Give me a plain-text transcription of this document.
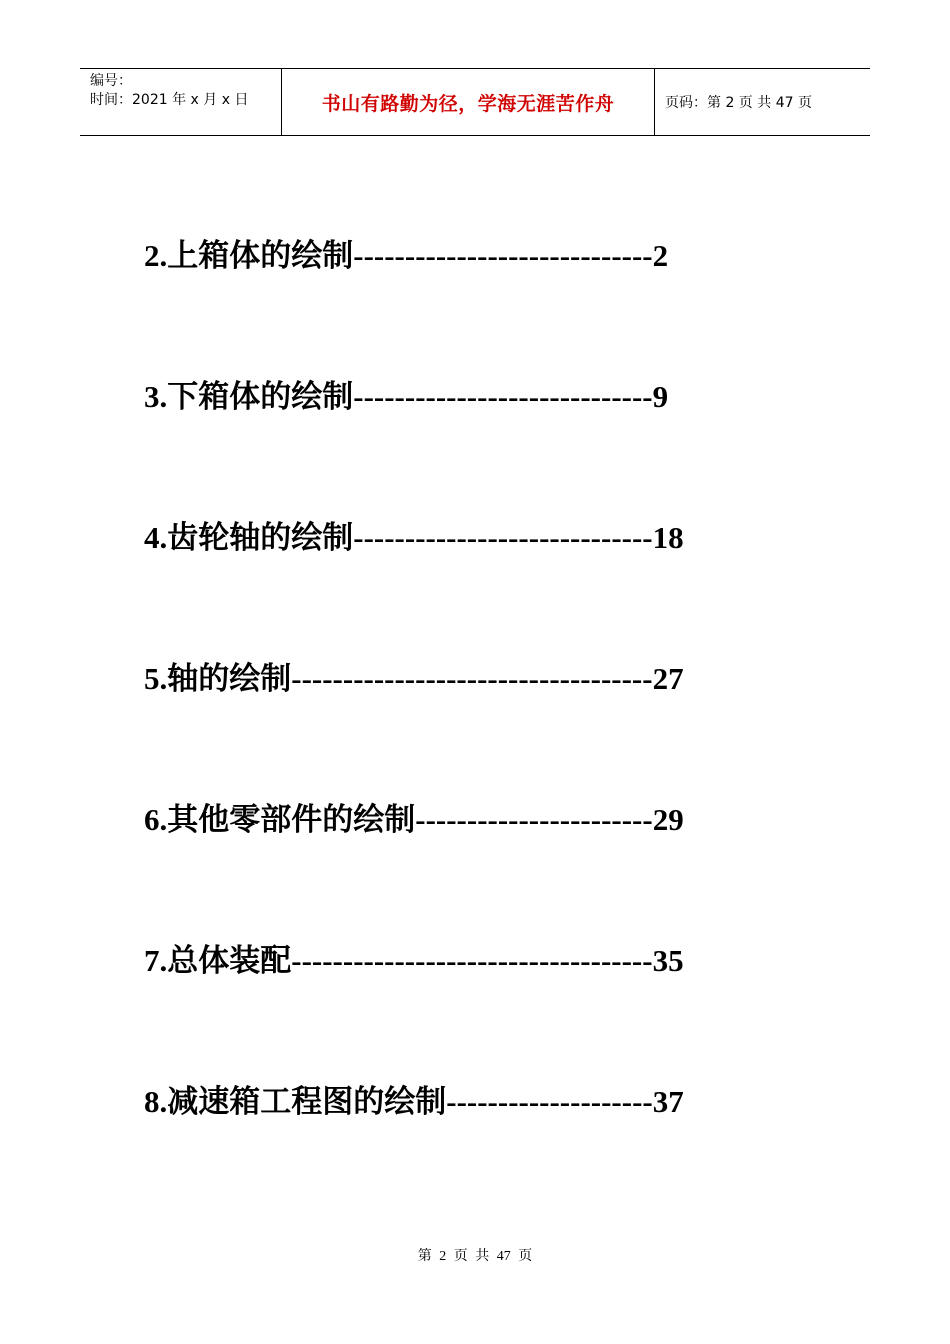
编号：
时间：2021 年 x 月 x 日	书山有路勤为径，学海无涯苦作舟	页码：第 2 页 共 47 页
2.上箱体的绘制-----------------------------2
3.下箱体的绘制-----------------------------9
4.齿轮轴的绘制-----------------------------18
5.轴的绘制-----------------------------------27
6.其他零部件的绘制-----------------------29
7.总体装配-----------------------------------35
8.减速箱工程图的绘制--------------------37
第 2 页 共 47 页
